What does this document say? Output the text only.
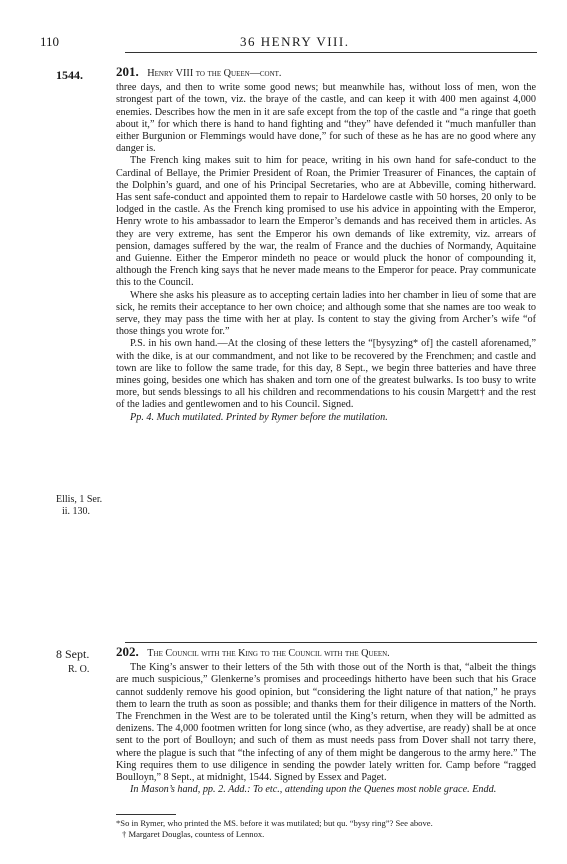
110	36 HENRY VIII.
1544.	201. Henry VIII to the Queen—cont.

three days, and then to write some good news; but meanwhile has, without loss of men, won the strongest part of the town, viz. the braye of the castle, and can keep it with 400 men against 4,000 enemies. Describes how the men in it are safe except from the top of the castle and “a ringe that goeth about it,” for which there is hand to hand fighting and “they” have defended it “much manfuller than either Burgunion or Flemmings would have done,” for such of these as he has are no good where any danger is.

The French king makes suit to him for peace, writing in his own hand for safe-conduct to the Cardinal of Bellaye, the Primier President of Roan, the Primier Treasurer of Finances, the captain of the Dolphin’s guard, and one of his Principal Secretaries, who are at Abbeville, coming hitherward. Has sent safe-conduct and appointed them to repair to Hardelowe castle with 50 horses, 20 only to be lodged in the castle. As the French king promised to use his advice in appointing with the Emperor, Henry wrote to his ambassador to learn the Emperor’s demands and has received them in articles. As they are very extreme, has sent the Emperor his own demands of like extremity, viz. arrears of pension, damages suffered by the war, the realm of France and the duchies of Normandy, Aquitaine and Guienne. Either the Emperor mindeth no peace or would pluck the honor of compounding it, although the French king says that he never made means to the Emperor for peace. Pray communicate this to the Council.

Where she asks his pleasure as to accepting certain ladies into her chamber in lieu of some that are sick, he remits their acceptance to her own choice; and although some that she names are too weak to serve, they may pass the time with her at play. Is content to stay the giving from Archer’s wife “of those things you wrote for.”

P.S. in his own hand.—At the closing of these letters the “[bysyzing* of] the castell aforenamed,” with the dike, is at our commandment, and not like to be recovered by the Frenchmen; and castle and town are like to follow the same trade, for this day, 8 Sept., we begin three batteries and have three mines going, besides one which has shaken and torn one of the greatest bulwarks. Is too busy to write more, but sends blessings to all his children and recommendations to his cousin Margett† and the rest of the ladies and gentlewomen and to his Council. Signed.

Pp. 4. Much mutilated. Printed by Rymer before the mutilation.

Ellis, 1 Ser.
ii. 130.
8 Sept.
R. O.

202. The Council with the King to the Council with the Queen.

The King’s answer to their letters of the 5th with those out of the North is that, “albeit the things are much suspicious,” Glenkerne’s promises and proceedings hitherto have been such that his Grace cannot suddenly remove his good opinion, but “considering the light nature of that nation,” he prays them to learn the truth as soon as possible; and thanks them for their diligence in matters of the North. The Frenchmen in the West are to be tolerated until the King’s return, when they will be admitted as denizens. The 4,000 footmen written for long since (who, as they advertise, are ready) shall be at once sent to the port of Boulloyn; and such of them as must needs pass from Dover shall not tarry there, where the plague is such that “the infecting of any of them might be dangerous to the army here.” The King requires them to use diligence in sending the powder lately written for. Camp before “ragged Boulloyn,” 8 Sept., at midnight, 1544. Signed by Essex and Paget.

In Mason’s hand, pp. 2. Add.: To etc., attending upon the Quenes most noble grace. Endd.

*So in Rymer, who printed the MS. before it was mutilated; but qu. “bysy ring”? See above.
† Margaret Douglas, countess of Lennox.
